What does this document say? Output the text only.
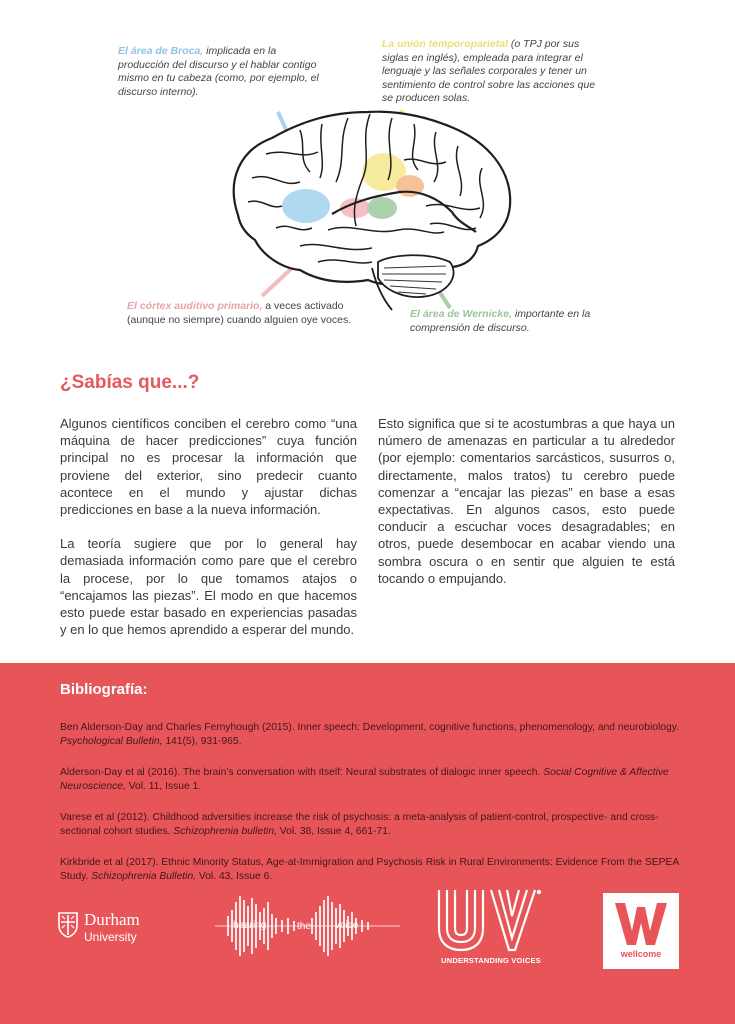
El área de Broca, implicada en la producción del discurso y el hablar contigo mismo en tu cabeza (como, por ejemplo, el discurso interno).
La unión temporoparietal (o TPJ por sus siglas en inglés), empleada para integrar el lenguaje y las señales corporales y tener un sentimiento de control sobre las acciones que se producen solas.
El córtex auditivo primario, a veces activado (aunque no siempre) cuando alguien oye voces.	El área de Wernicke, importante en la comprensión de discurso.
¿Sabías que...?

Algunos científicos conciben el cerebro como “una máquina de hacer predicciones” cuya función principal no es procesar la información que proviene del exterior, sino predecir cuanto acontece en el mundo y ajustar dichas predicciones en base a la nueva información.

La teoría sugiere que por lo general hay demasiada información como pare que el cerebro la procese, por lo que tomamos atajos o “encajamos las piezas”. El modo en que hacemos esto puede estar basado en experiencias pasadas y en lo que hemos aprendido a esperar del mundo.

Esto significa que si te acostumbras a que haya un número de amenazas en particular a tu alrededor (por ejemplo: comentarios sarcásticos, susurros o, directamente, malos tratos) tu cerebro puede comenzar a “encajar las piezas” en base a esas expectativas. En algunos casos, esto puede conducir a escuchar voces desagradables; en otros, puede desembocar en acabar viendo una sombra oscura o en sentir que alguien te está tocando o empujando.

Bibliografía:

Ben Alderson-Day and Charles Fernyhough (2015). Inner speech: Development, cognitive functions, phenomenology, and neurobiology. Psychological Bulletin, 141(5), 931-965.

Alderson-Day et al (2016). The brain’s conversation with itself: Neural substrates of dialogic inner speech. Social Cognitive & Affective Neuroscience, Vol. 11, Issue 1.

Varese et al (2012). Childhood adversities increase the risk of psychosis: a meta-analysis of patient-control, prospective- and cross-sectional cohort studies. Schizophrenia bulletin, Vol. 38, Issue 4, 661-71.

Kirkbride et al (2017). Ethnic Minority Status, Age-at-Immigration and Psychosis Risk in Rural Environments: Evidence From the SEPEA Study. Schizophrenia Bulletin, Vol. 43, Issue 6.

Durham
University
hearing	the voice
UNDERSTANDING VOICES
wellcome
